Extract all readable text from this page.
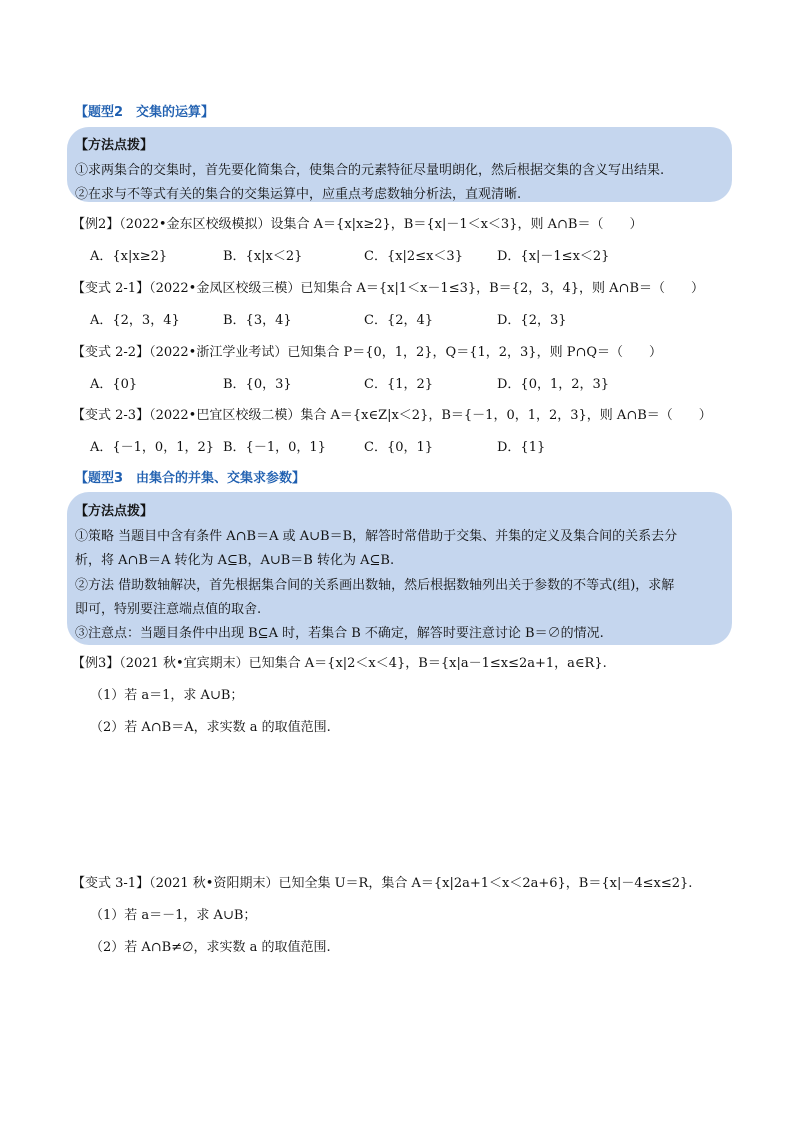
【题型2　交集的运算】
【方法点拨】
①求两集合的交集时，首先要化简集合，使集合的元素特征尽量明朗化，然后根据交集的含义写出结果.
②在求与不等式有关的集合的交集运算中，应重点考虑数轴分析法，直观清晰.
【例2】（2022•金东区校级模拟）设集合 A＝{x|x≥2}，B＝{x|－1＜x＜3}，则 A∩B＝（　　）
A．{x|x≥2}	B．{x|x＜2}	C．{x|2≤x＜3}	D．{x|－1≤x＜2}
【变式 2-1】（2022•金凤区校级三模）已知集合 A＝{x|1＜x－1≤3}，B＝{2，3，4}，则 A∩B＝（　　）
A．{2，3，4}	B．{3，4}	C．{2，4}	D．{2，3}
【变式 2-2】（2022•浙江学业考试）已知集合 P＝{0，1，2}，Q＝{1，2，3}，则 P∩Q＝（　　）
A．{0}	B．{0，3}	C．{1，2}	D．{0，1，2，3}
【变式 2-3】（2022•巴宜区校级二模）集合 A＝{x∈Z|x＜2}，B＝{－1，0，1，2，3}，则 A∩B＝（　　）
A．{－1，0，1，2} B．{－1，0，1}	C．{0，1}	D．{1}
【题型3　由集合的并集、交集求参数】
【方法点拨】
①策略 当题目中含有条件 A∩B＝A 或 A∪B＝B，解答时常借助于交集、并集的定义及集合间的关系去分
析，将 A∩B＝A 转化为 A⊆B，A∪B＝B 转化为 A⊆B.
②方法 借助数轴解决，首先根据集合间的关系画出数轴，然后根据数轴列出关于参数的不等式(组)，求解
即可，特别要注意端点值的取舍.
③注意点：当题目条件中出现 B⊆A 时，若集合 B 不确定，解答时要注意讨论 B＝∅的情况.
【例3】（2021 秋•宜宾期末）已知集合 A＝{x|2＜x＜4}，B＝{x|a－1≤x≤2a+1，a∈R}.
（1）若 a＝1，求 A∪B；
（2）若 A∩B＝A，求实数 a 的取值范围.
【变式 3-1】（2021 秋•资阳期末）已知全集 U＝R，集合 A＝{x|2a+1＜x＜2a+6}，B＝{x|－4≤x≤2}.
（1）若 a＝－1，求 A∪B；
（2）若 A∩B≠∅，求实数 a 的取值范围.
